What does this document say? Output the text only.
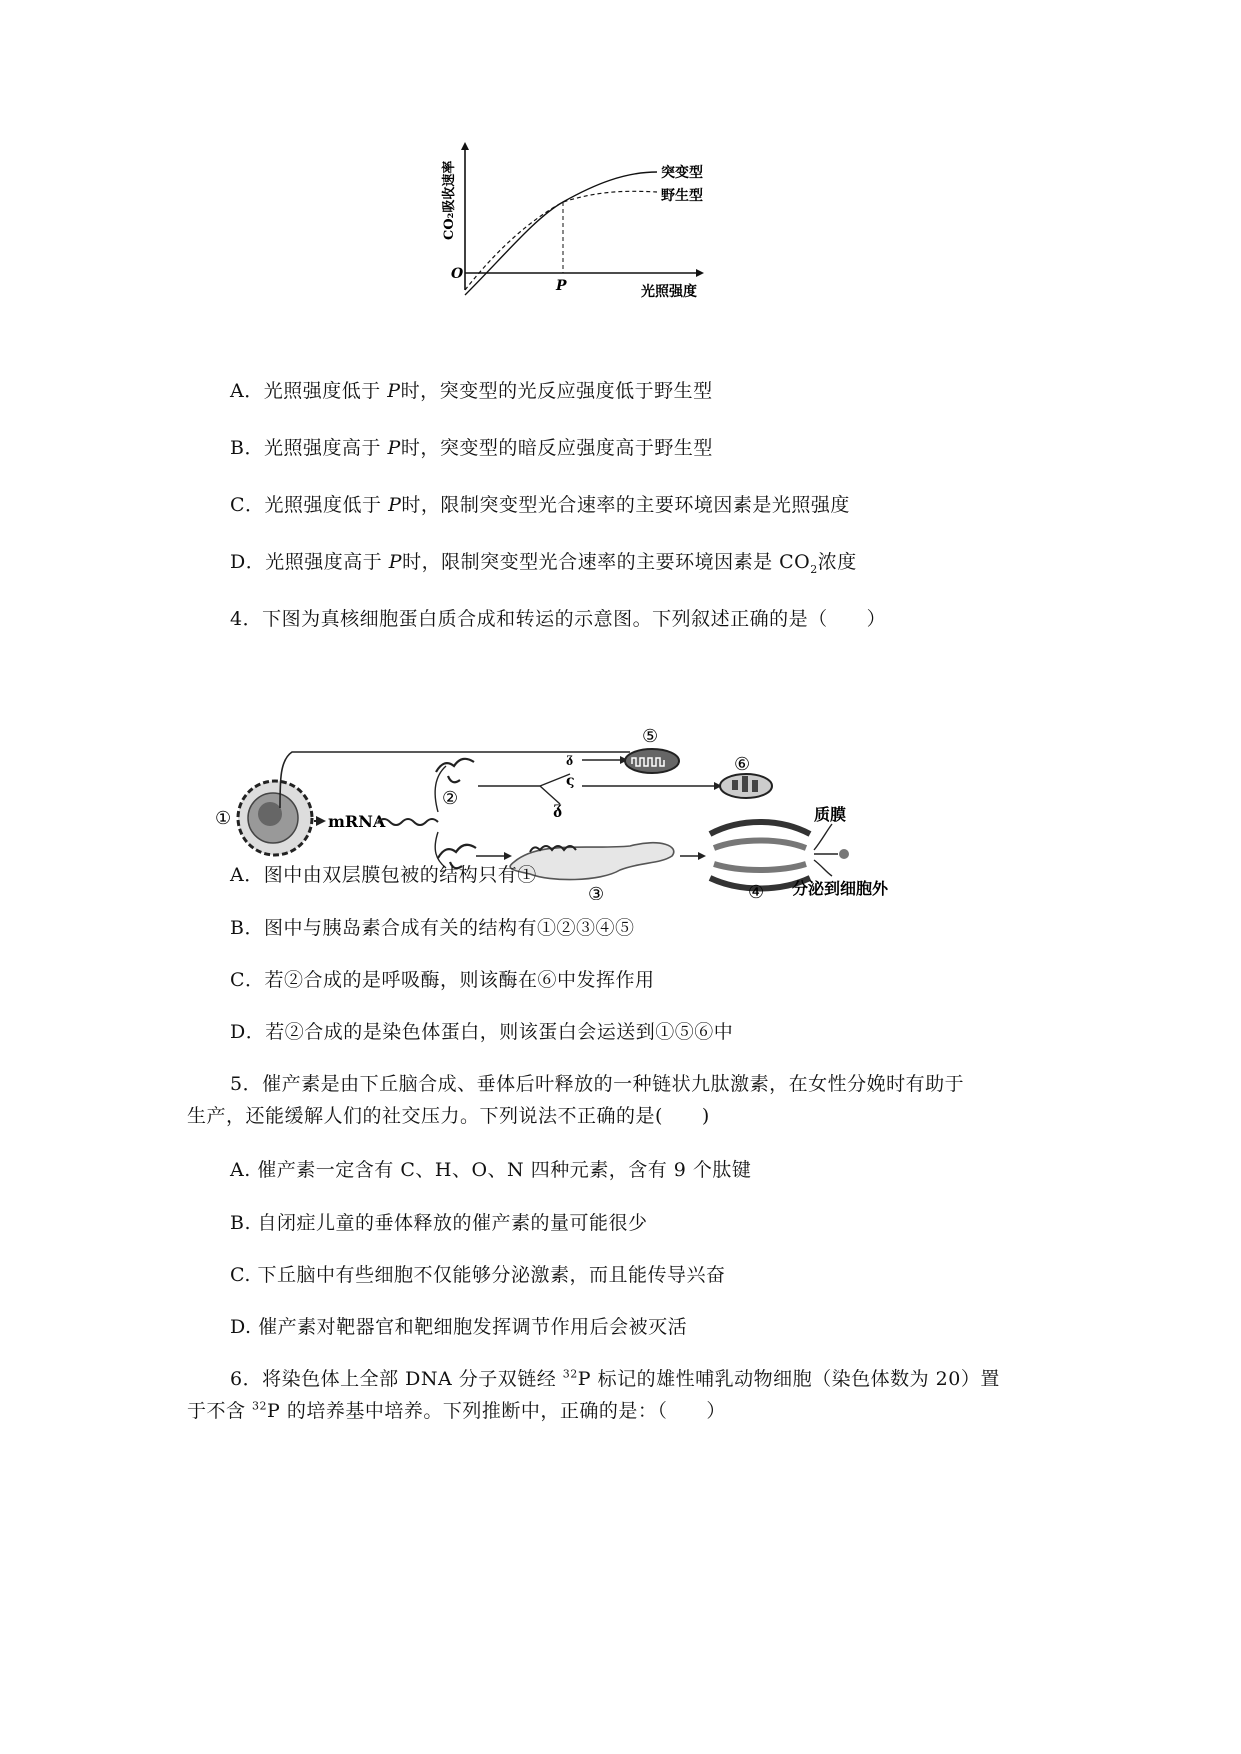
CO₂吸收速率
O
P	光照强度
突变型
野生型
A．光照强度低于 P时，突变型的光反应强度低于野生型
B．光照强度高于 P时，突变型的暗反应强度高于野生型
C．光照强度低于 P时，限制突变型光合速率的主要环境因素是光照强度
D．光照强度高于 P时，限制突变型光合速率的主要环境因素是 $CO_2$浓度
4．下图为真核细胞蛋白质合成和转运的示意图。下列叙述正确的是（　　）
①	mRNA
②
ς
ᵹ
ᵹ
⑤
⑥
③	④
质膜
分泌到细胞外
A．图中由双层膜包被的结构只有①
B．图中与胰岛素合成有关的结构有①②③④⑤
C．若②合成的是呼吸酶，则该酶在⑥中发挥作用
D．若②合成的是染色体蛋白，则该蛋白会运送到①⑤⑥中
5．催产素是由下丘脑合成、垂体后叶释放的一种链状九肽激素，在女性分娩时有助于
生产，还能缓解人们的社交压力。下列说法不正确的是(　　)
A. 催产素一定含有 C、H、O、N 四种元素，含有 9 个肽键
B. 自闭症儿童的垂体释放的催产素的量可能很少
C. 下丘脑中有些细胞不仅能够分泌激素，而且能传导兴奋
D. 催产素对靶器官和靶细胞发挥调节作用后会被灭活
6．将染色体上全部 DNA 分子双链经 $^{32}$P 标记的雄性哺乳动物细胞（染色体数为 20）置
于不含 $^{32}$P 的培养基中培养。下列推断中，正确的是：（　　）
